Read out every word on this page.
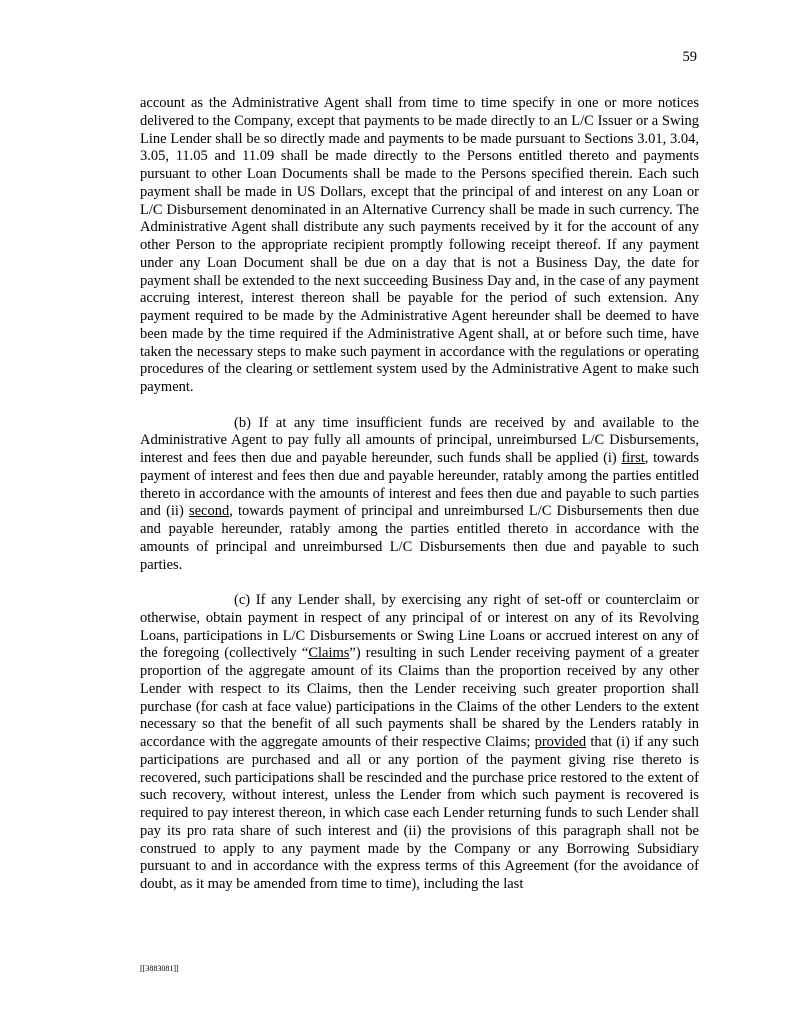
59

account as the Administrative Agent shall from time to time specify in one or more notices delivered to the Company, except that payments to be made directly to an L/C Issuer or a Swing Line Lender shall be so directly made and payments to be made pursuant to Sections 3.01, 3.04, 3.05, 11.05 and 11.09 shall be made directly to the Persons entitled thereto and payments pursuant to other Loan Documents shall be made to the Persons specified therein. Each such payment shall be made in US Dollars, except that the principal of and interest on any Loan or L/C Disbursement denominated in an Alternative Currency shall be made in such currency. The Administrative Agent shall distribute any such payments received by it for the account of any other Person to the appropriate recipient promptly following receipt thereof. If any payment under any Loan Document shall be due on a day that is not a Business Day, the date for payment shall be extended to the next succeeding Business Day and, in the case of any payment accruing interest, interest thereon shall be payable for the period of such extension. Any payment required to be made by the Administrative Agent hereunder shall be deemed to have been made by the time required if the Administrative Agent shall, at or before such time, have taken the necessary steps to make such payment in accordance with the regulations or operating procedures of the clearing or settlement system used by the Administrative Agent to make such payment.

(b) If at any time insufficient funds are received by and available to the Administrative Agent to pay fully all amounts of principal, unreimbursed L/C Disbursements, interest and fees then due and payable hereunder, such funds shall be applied (i) first, towards payment of interest and fees then due and payable hereunder, ratably among the parties entitled thereto in accordance with the amounts of interest and fees then due and payable to such parties and (ii) second, towards payment of principal and unreimbursed L/C Disbursements then due and payable hereunder, ratably among the parties entitled thereto in accordance with the amounts of principal and unreimbursed L/C Disbursements then due and payable to such parties.

(c) If any Lender shall, by exercising any right of set-off or counterclaim or otherwise, obtain payment in respect of any principal of or interest on any of its Revolving Loans, participations in L/C Disbursements or Swing Line Loans or accrued interest on any of the foregoing (collectively “Claims”) resulting in such Lender receiving payment of a greater proportion of the aggregate amount of its Claims than the proportion received by any other Lender with respect to its Claims, then the Lender receiving such greater proportion shall purchase (for cash at face value) participations in the Claims of the other Lenders to the extent necessary so that the benefit of all such payments shall be shared by the Lenders ratably in accordance with the aggregate amounts of their respective Claims; provided that (i) if any such participations are purchased and all or any portion of the payment giving rise thereto is recovered, such participations shall be rescinded and the purchase price restored to the extent of such recovery, without interest, unless the Lender from which such payment is recovered is required to pay interest thereon, in which case each Lender returning funds to such Lender shall pay its pro rata share of such interest and (ii) the provisions of this paragraph shall not be construed to apply to any payment made by the Company or any Borrowing Subsidiary pursuant to and in accordance with the express terms of this Agreement (for the avoidance of doubt, as it may be amended from time to time), including the last

[[3883081]]
